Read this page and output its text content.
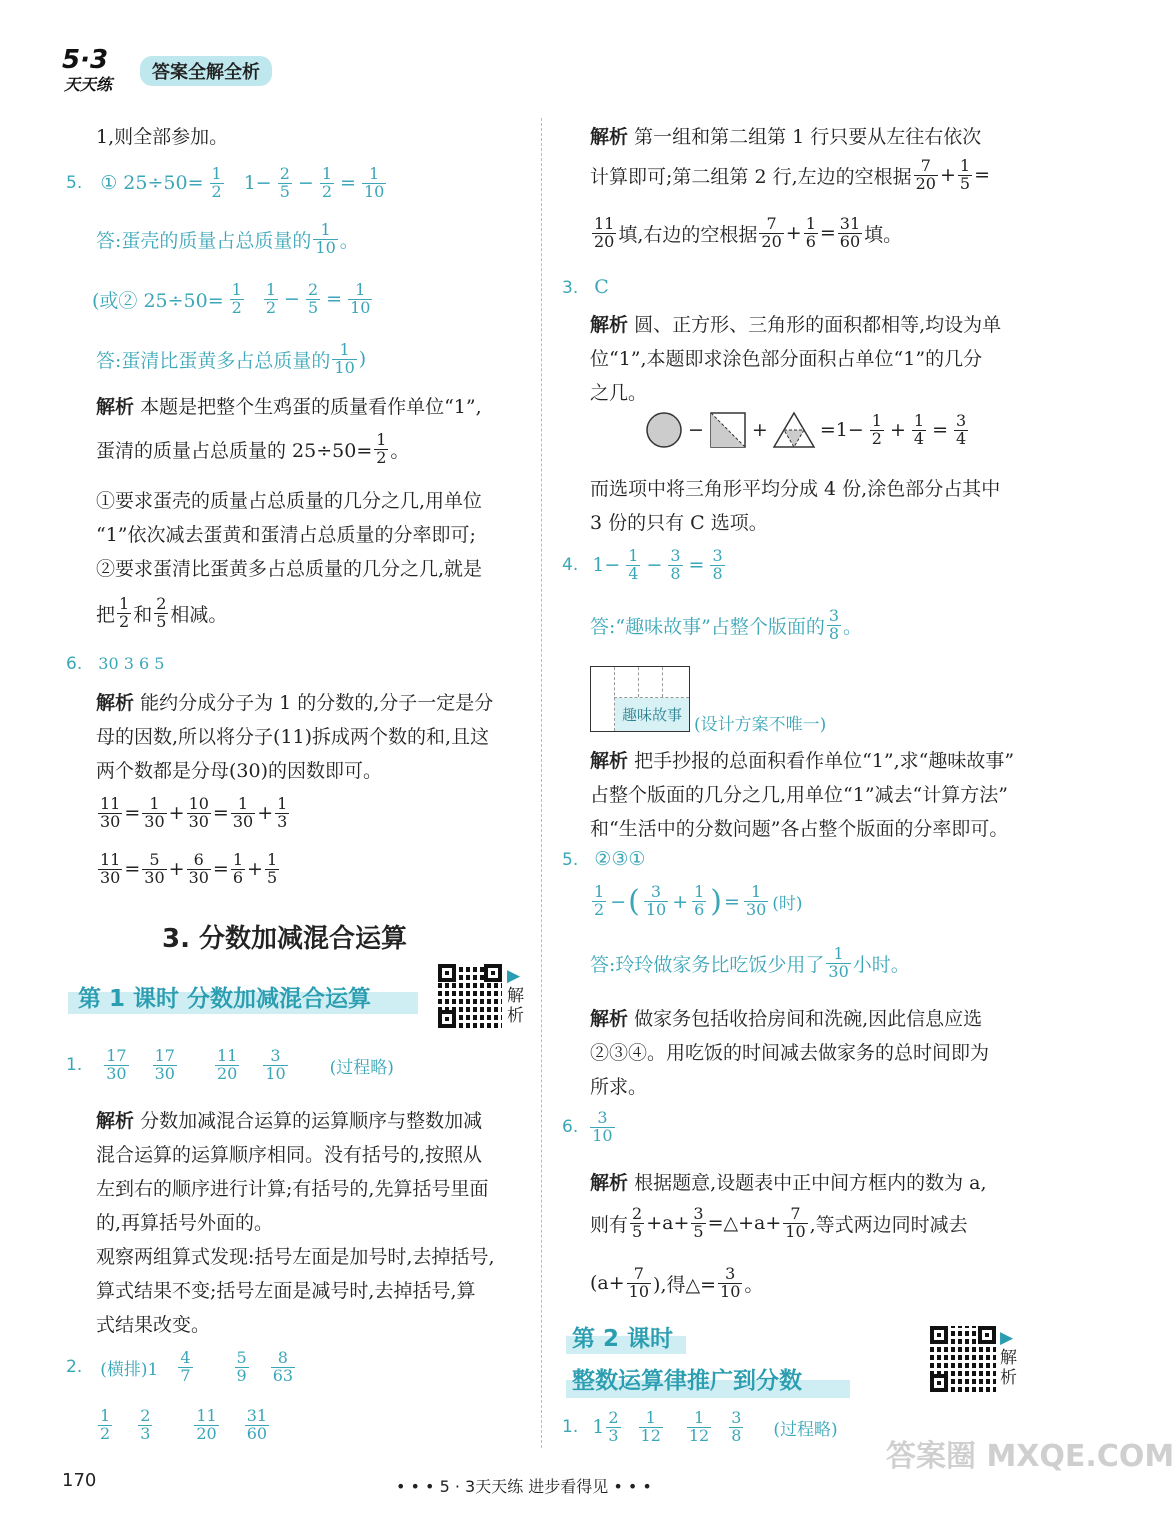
5·3
天天练
答案全解全析
1,则全部参加。
5. ① $25\div 50= \frac{1}{2} 1- \frac{2}{5} - \frac{1}{2} = \frac{1}{10}$
答:蛋壳的质量占总质量的 $\frac{1}{10}$ 。
(或② $25\div 50= \frac{1}{2} \frac{1}{2} - \frac{2}{5} = \frac{1}{10}$
答:蛋清比蛋黄多占总质量的 $\frac{1}{10}$ )
解析 本题是把整个生鸡蛋的质量看作单位“1”,
蛋清的质量占总质量的 $25\div 50= \frac{1}{2}$ 。
①要求蛋壳的质量占总质量的几分之几,用单位
“1”依次减去蛋黄和蛋清占总质量的分率即可;
②要求蛋清比蛋黄多占总质量的几分之几,就是
把 $\frac{1}{2}$ 和 $\frac{2}{5}$ 相减。
6. 30 3 6 5
解析 能约分成分子为 1 的分数的,分子一定是分
母的因数,所以将分子(11)拆成两个数的和,且这
两个数都是分母(30)的因数即可。
$\frac{11}{30} = \frac{1}{30} + \frac{10}{30} = \frac{1}{30} + \frac{1}{3}$
$\frac{11}{30} = \frac{5}{30} + \frac{6}{30} = \frac{1}{6} + \frac{1}{5}$
3. 分数加减混合运算
第 1 课时 分数加减混合运算
▶ 解析
1. $\frac{17}{30} \frac{17}{30} \frac{11}{20} \frac{3}{10}$ (过程略)
解析 分数加减混合运算的运算顺序与整数加减
混合运算的运算顺序相同。没有括号的,按照从
左到右的顺序进行计算;有括号的,先算括号里面
的,再算括号外面的。
观察两组算式发现:括号左面是加号时,去掉括号,
算式结果不变;括号左面是减号时,去掉括号,算
式结果改变。
2. (横排)$1 \frac{4}{7}$	$\frac{5}{9} \frac{8}{63}$
$\frac{1}{2} \frac{2}{3}$	$\frac{11}{20} \frac{31}{60}$
解析 第一组和第二组第 1 行只要从左往右依次
计算即可;第二组第 2 行,左边的空根据 $\frac{7}{20} + \frac{1}{5}$ =
$\frac{11}{20}$ 填,右边的空根据 $\frac{7}{20} + \frac{1}{6} = \frac{31}{60}$ 填。
3. C
解析 圆、正方形、三角形的面积都相等,均设为单
位“1”,本题即求涂色部分面积占单位“1”的几分
之几。
−	+	$=1- \frac{1}{2} + \frac{1}{4} = \frac{3}{4}$
而选项中将三角形平均分成 4 份,涂色部分占其中
3 份的只有 C 选项。
4. $1- \frac{1}{4} - \frac{3}{8} = \frac{3}{8}$
答:“趣味故事”占整个版面的 $\frac{3}{8}$ 。
趣味故事 (设计方案不唯一)
解析 把手抄报的总面积看作单位“1”,求“趣味故事”
占整个版面的几分之几,用单位“1”减去“计算方法”
和“生活中的分数问题”各占整个版面的分率即可。
5. ②③①
$\frac{1}{2}$ − ( $\frac{3}{10} + \frac{1}{6}$ ) = $\frac{1}{30}$ (时)
答:玲玲做家务比吃饭少用了 $\frac{1}{30}$ 小时。
解析 做家务包括收拾房间和洗碗,因此信息应选
②③④。用吃饭的时间减去做家务的总时间即为
所求。
6. $\frac{3}{10}$
解析 根据题意,设题表中正中间方框内的数为 a,
则有 $\frac{2}{5} +a+ \frac{3}{5}$ =△+a+ $\frac{7}{10}$ ,等式两边同时减去
($a+ \frac{7}{10}$ ),得△= $\frac{3}{10}$ 。
第 2 课时
整数运算律推广到分数
▶ 解析
1. $1 \frac{2}{3} \frac{1}{12} \frac{1}{12} \frac{3}{8}$ (过程略)
170	• • • 5 · 3天天练 进步看得见 • • •
答案圈 MXQE.COM
